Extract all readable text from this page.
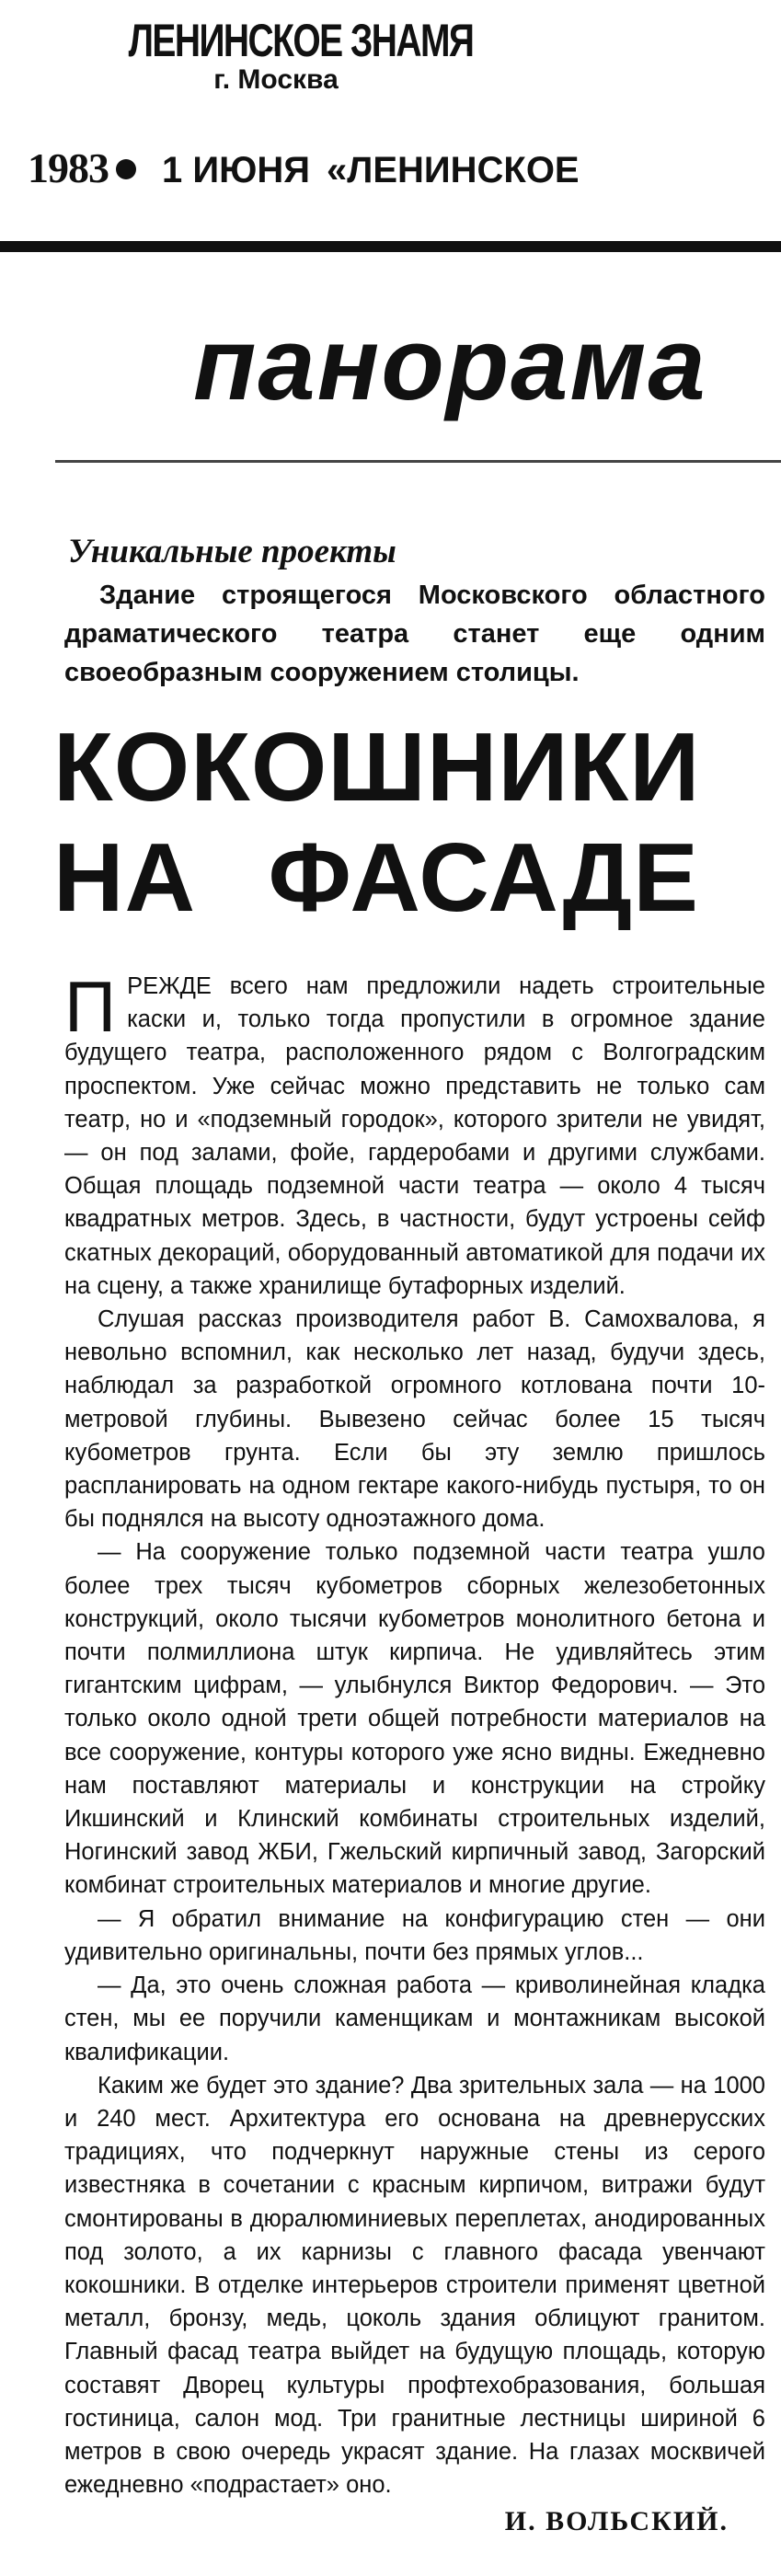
ЛЕНИНСКОЕ ЗНАМЯ
г. Москва
1983 1 ИЮНЯ «ЛЕНИНСКОЕ
панорама
Уникальные проекты

Здание строящегося Московского областного драматического театра станет еще одним своеобразным сооружением столицы.

КОКОШНИКИ
НА ФАСАДЕ

ПРЕЖДЕ всего нам предложили надеть строительные каски и, только тогда пропустили в огромное здание будущего театра, расположенного рядом с Волгоградским проспектом. Уже сейчас можно представить не только сам театр, но и «подземный городок», которого зрители не увидят, — он под залами, фойе, гардеробами и другими службами. Общая площадь подземной части театра — около 4 тысяч квадратных метров. Здесь, в частности, будут устроены сейф скатных декораций, оборудованный автоматикой для подачи их на сцену, а также хранилище бутафорных изделий.

Слушая рассказ производителя работ В. Самохвалова, я невольно вспомнил, как несколько лет назад, будучи здесь, наблюдал за разработкой огромного котлована почти 10-метровой глубины. Вывезено сейчас более 15 тысяч кубометров грунта. Если бы эту землю пришлось распланировать на одном гектаре какого-нибудь пустыря, то он бы поднялся на высоту одноэтажного дома.

— На сооружение только подземной части театра ушло более трех тысяч кубометров сборных железобетонных конструкций, около тысячи кубометров монолитного бетона и почти полмиллиона штук кирпича. Не удивляйтесь этим гигантским цифрам, — улыбнулся Виктор Федорович. — Это только около одной трети общей потребности материалов на все сооружение, контуры которого уже ясно видны. Ежедневно нам поставляют материалы и конструкции на стройку Икшинский и Клинский комбинаты строительных изделий, Ногинский завод ЖБИ, Гжельский кирпичный завод, Загорский комбинат строительных материалов и многие другие.

— Я обратил внимание на конфигурацию стен — они удивительно оригинальны, почти без прямых углов...

— Да, это очень сложная работа — криволинейная кладка стен, мы ее поручили каменщикам и монтажникам высокой квалификации.

Каким же будет это здание? Два зрительных зала — на 1000 и 240 мест. Архитектура его основана на древнерусских традициях, что подчеркнут наружные стены из серого известняка в сочетании с красным кирпичом, витражи будут смонтированы в дюралюминиевых переплетах, анодированных под золото, а их карнизы с главного фасада увенчают кокошники. В отделке интерьеров строители применят цветной металл, бронзу, медь, цоколь здания облицуют гранитом. Главный фасад театра выйдет на будущую площадь, которую составят Дворец культуры профтехобразования, большая гостиница, салон мод. Три гранитные лестницы шириной 6 метров в свою очередь украсят здание. На глазах москвичей ежедневно «подрастает» оно.

И. ВОЛЬСКИЙ.
